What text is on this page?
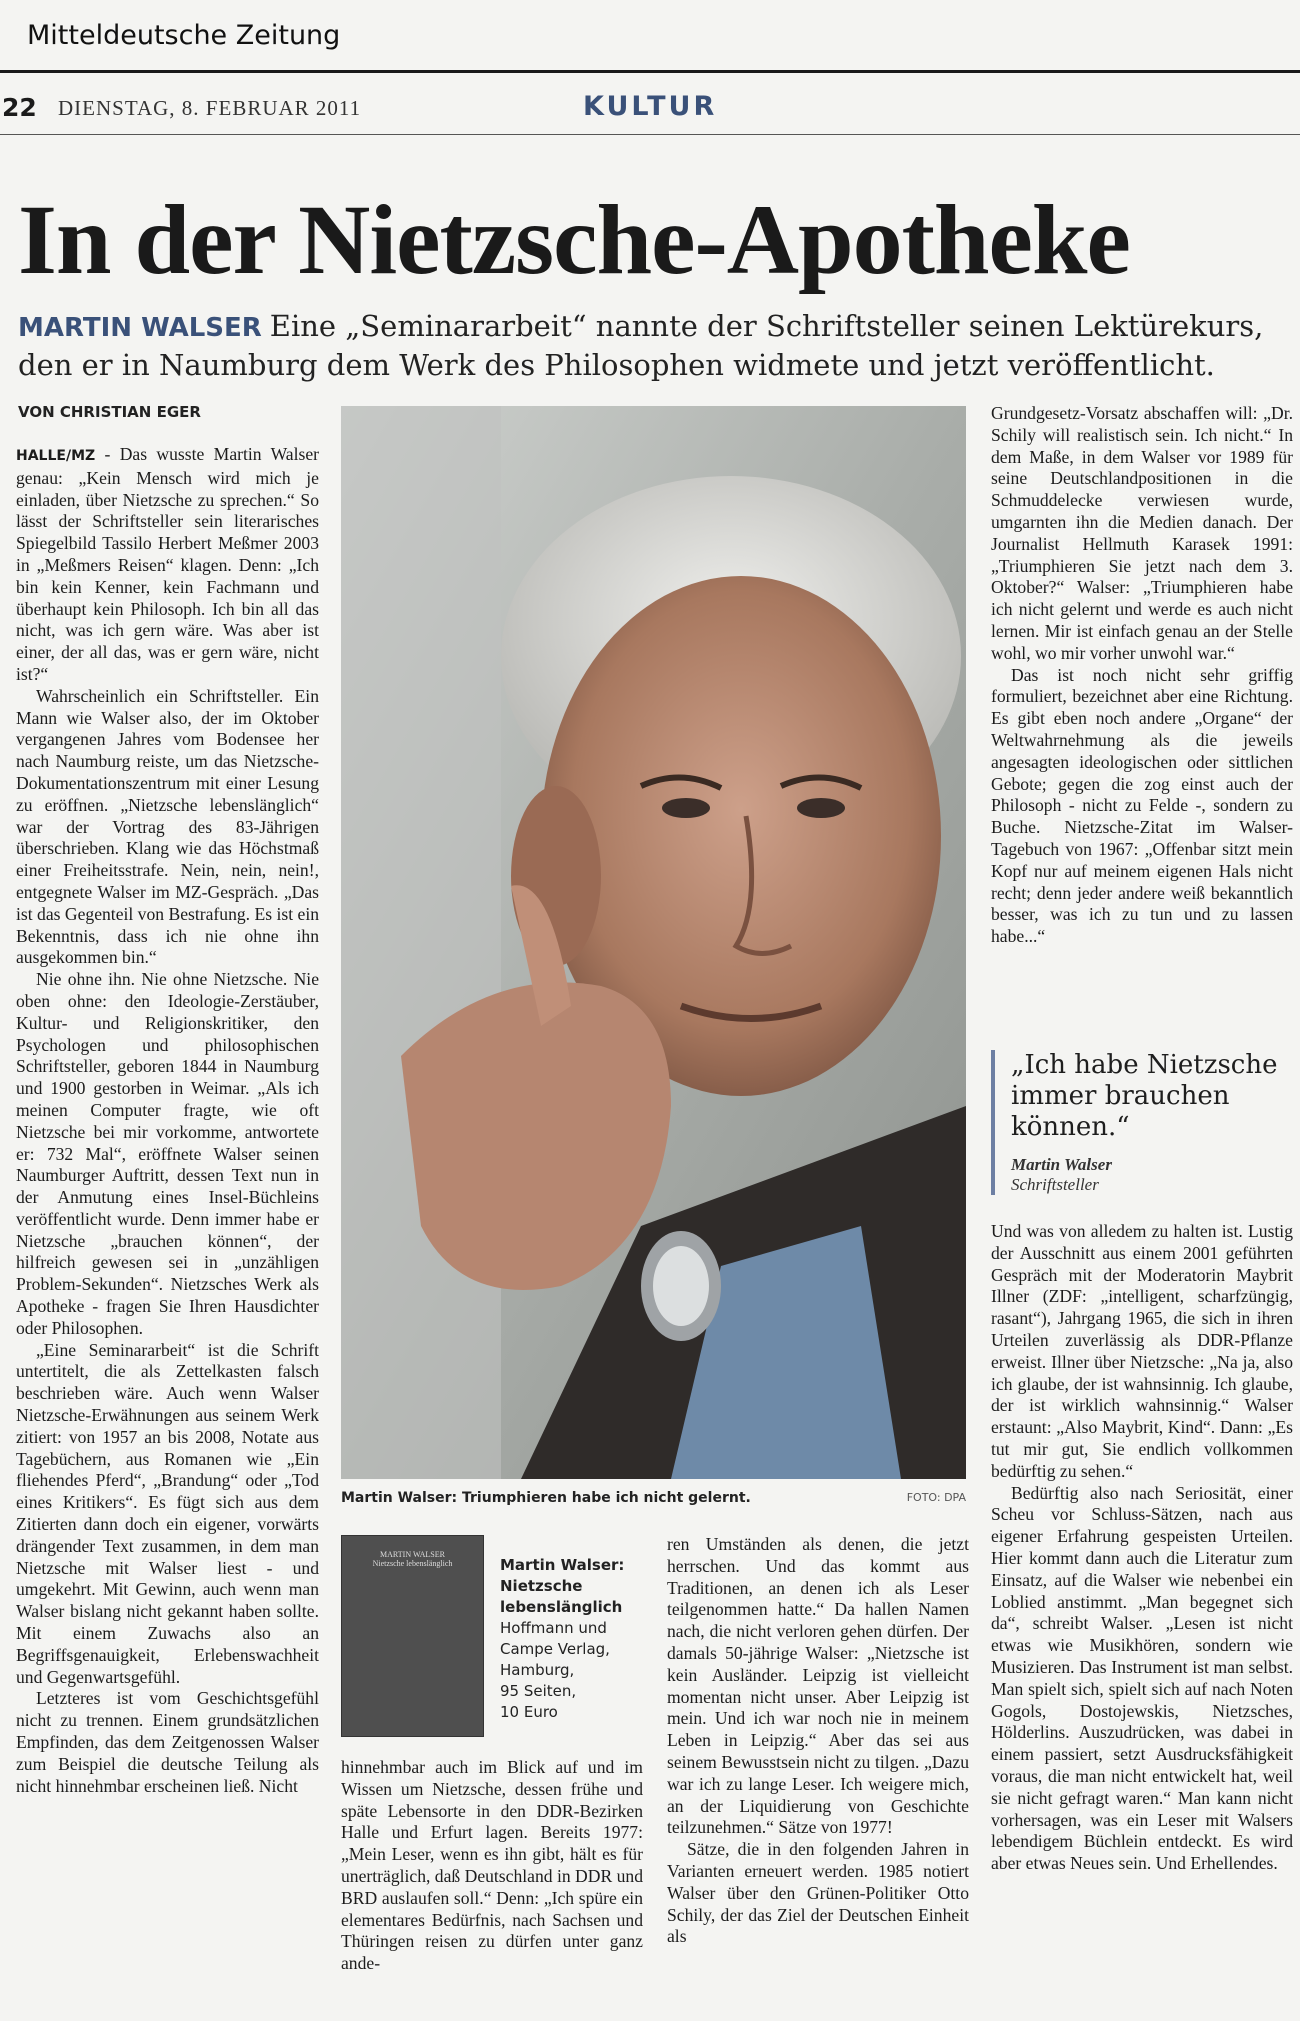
Mitteldeutsche Zeitung
22 DIENSTAG, 8. FEBRUAR 2011	KULTUR
In der Nietzsche-Apotheke
MARTIN WALSER Eine „Seminararbeit“ nannte der Schriftsteller seinen Lektürekurs, den er in Naumburg dem Werk des Philosophen widmete und jetzt veröffentlicht.
VON CHRISTIAN EGER

HALLE/MZ - Das wusste Martin Walser genau: „Kein Mensch wird mich je einladen, über Nietzsche zu sprechen.“ So lässt der Schriftsteller sein literarisches Spiegelbild Tassilo Herbert Meßmer 2003 in „Meßmers Reisen“ klagen. Denn: „Ich bin kein Kenner, kein Fachmann und überhaupt kein Philosoph. Ich bin all das nicht, was ich gern wäre. Was aber ist einer, der all das, was er gern wäre, nicht ist?“

Wahrscheinlich ein Schriftsteller. Ein Mann wie Walser also, der im Oktober vergangenen Jahres vom Bodensee her nach Naumburg reiste, um das Nietzsche-Dokumentationszentrum mit einer Lesung zu eröffnen. „Nietzsche lebenslänglich“ war der Vortrag des 83-Jährigen überschrieben. Klang wie das Höchstmaß einer Freiheitsstrafe. Nein, nein, nein!, entgegnete Walser im MZ-Gespräch. „Das ist das Gegenteil von Bestrafung. Es ist ein Bekenntnis, dass ich nie ohne ihn ausgekommen bin.“

Nie ohne ihn. Nie ohne Nietzsche. Nie oben ohne: den Ideologie-Zerstäuber, Kultur- und Religionskritiker, den Psychologen und philosophischen Schriftsteller, geboren 1844 in Naumburg und 1900 gestorben in Weimar. „Als ich meinen Computer fragte, wie oft Nietzsche bei mir vorkomme, antwortete er: 732 Mal“, eröffnete Walser seinen Naumburger Auftritt, dessen Text nun in der Anmutung eines Insel-Büchleins veröffentlicht wurde. Denn immer habe er Nietzsche „brauchen können“, der hilfreich gewesen sei in „unzähligen Problem-Sekunden“. Nietzsches Werk als Apotheke - fragen Sie Ihren Hausdichter oder Philosophen.

„Eine Seminararbeit“ ist die Schrift untertitelt, die als Zettelkasten falsch beschrieben wäre. Auch wenn Walser Nietzsche-Erwähnungen aus seinem Werk zitiert: von 1957 an bis 2008, Notate aus Tagebüchern, aus Romanen wie „Ein fliehendes Pferd“, „Brandung“ oder „Tod eines Kritikers“. Es fügt sich aus dem Zitierten dann doch ein eigener, vorwärts drängender Text zusammen, in dem man Nietzsche mit Walser liest - und umgekehrt. Mit Gewinn, auch wenn man Walser bislang nicht gekannt haben sollte. Mit einem Zuwachs also an Begriffsgenauigkeit, Erlebenswachheit und Gegenwartsgefühl.

Letzteres ist vom Geschichtsgefühl nicht zu trennen. Einem grundsätzlichen Empfinden, das dem Zeitgenossen Walser zum Beispiel die deutsche Teilung als nicht hinnehmbar erscheinen ließ. Nicht

Martin Walser: Triumphieren habe ich nicht gelernt.	FOTO: DPA
MARTIN WALSER
Nietzsche lebenslänglich	Martin Walser:
Nietzsche
lebenslänglich
Hoffmann und Campe Verlag, Hamburg,
95 Seiten,
10 Euro

hinnehmbar auch im Blick auf und im Wissen um Nietzsche, dessen frühe und späte Lebensorte in den DDR-Bezirken Halle und Erfurt lagen. Bereits 1977: „Mein Leser, wenn es ihn gibt, hält es für unerträglich, daß Deutschland in DDR und BRD auslaufen soll.“ Denn: „Ich spüre ein elementares Bedürfnis, nach Sachsen und Thüringen reisen zu dürfen unter ganz ande-

ren Umständen als denen, die jetzt herrschen. Und das kommt aus Traditionen, an denen ich als Leser teilgenommen hatte.“ Da hallen Namen nach, die nicht verloren gehen dürfen. Der damals 50-jährige Walser: „Nietzsche ist kein Ausländer. Leipzig ist vielleicht momentan nicht unser. Aber Leipzig ist mein. Und ich war noch nie in meinem Leben in Leipzig.“ Aber das sei aus seinem Bewusstsein nicht zu tilgen. „Dazu war ich zu lange Leser. Ich weigere mich, an der Liquidierung von Geschichte teilzunehmen.“ Sätze von 1977!

Sätze, die in den folgenden Jahren in Varianten erneuert werden. 1985 notiert Walser über den Grünen-Politiker Otto Schily, der das Ziel der Deutschen Einheit als

Grundgesetz-Vorsatz abschaffen will: „Dr. Schily will realistisch sein. Ich nicht.“ In dem Maße, in dem Walser vor 1989 für seine Deutschlandpositionen in die Schmuddelecke verwiesen wurde, umgarnten ihn die Medien danach. Der Journalist Hellmuth Karasek 1991: „Triumphieren Sie jetzt nach dem 3. Oktober?“ Walser: „Triumphieren habe ich nicht gelernt und werde es auch nicht lernen. Mir ist einfach genau an der Stelle wohl, wo mir vorher unwohl war.“

Das ist noch nicht sehr griffig formuliert, bezeichnet aber eine Richtung. Es gibt eben noch andere „Organe“ der Weltwahrnehmung als die jeweils angesagten ideologischen oder sittlichen Gebote; gegen die zog einst auch der Philosoph - nicht zu Felde -, sondern zu Buche. Nietzsche-Zitat im Walser-Tagebuch von 1967: „Offenbar sitzt mein Kopf nur auf meinem eigenen Hals nicht recht; denn jeder andere weiß bekanntlich besser, was ich zu tun und zu lassen habe...“

„Ich habe Nietzsche immer brauchen können.“
Martin Walser
Schriftsteller

Und was von alledem zu halten ist. Lustig der Ausschnitt aus einem 2001 geführten Gespräch mit der Moderatorin Maybrit Illner (ZDF: „intelligent, scharfzüngig, rasant“), Jahrgang 1965, die sich in ihren Urteilen zuverlässig als DDR-Pflanze erweist. Illner über Nietzsche: „Na ja, also ich glaube, der ist wahnsinnig. Ich glaube, der ist wirklich wahnsinnig.“ Walser erstaunt: „Also Maybrit, Kind“. Dann: „Es tut mir gut, Sie endlich vollkommen bedürftig zu sehen.“

Bedürftig also nach Seriosität, einer Scheu vor Schluss-Sätzen, nach aus eigener Erfahrung gespeisten Urteilen. Hier kommt dann auch die Literatur zum Einsatz, auf die Walser wie nebenbei ein Loblied anstimmt. „Man begegnet sich da“, schreibt Walser. „Lesen ist nicht etwas wie Musikhören, sondern wie Musizieren. Das Instrument ist man selbst. Man spielt sich, spielt sich auf nach Noten Gogols, Dostojewskis, Nietzsches, Hölderlins. Auszudrücken, was dabei in einem passiert, setzt Ausdrucksfähigkeit voraus, die man nicht entwickelt hat, weil sie nicht gefragt waren.“ Man kann nicht vorhersagen, was ein Leser mit Walsers lebendigem Büchlein entdeckt. Es wird aber etwas Neues sein. Und Erhellendes.
